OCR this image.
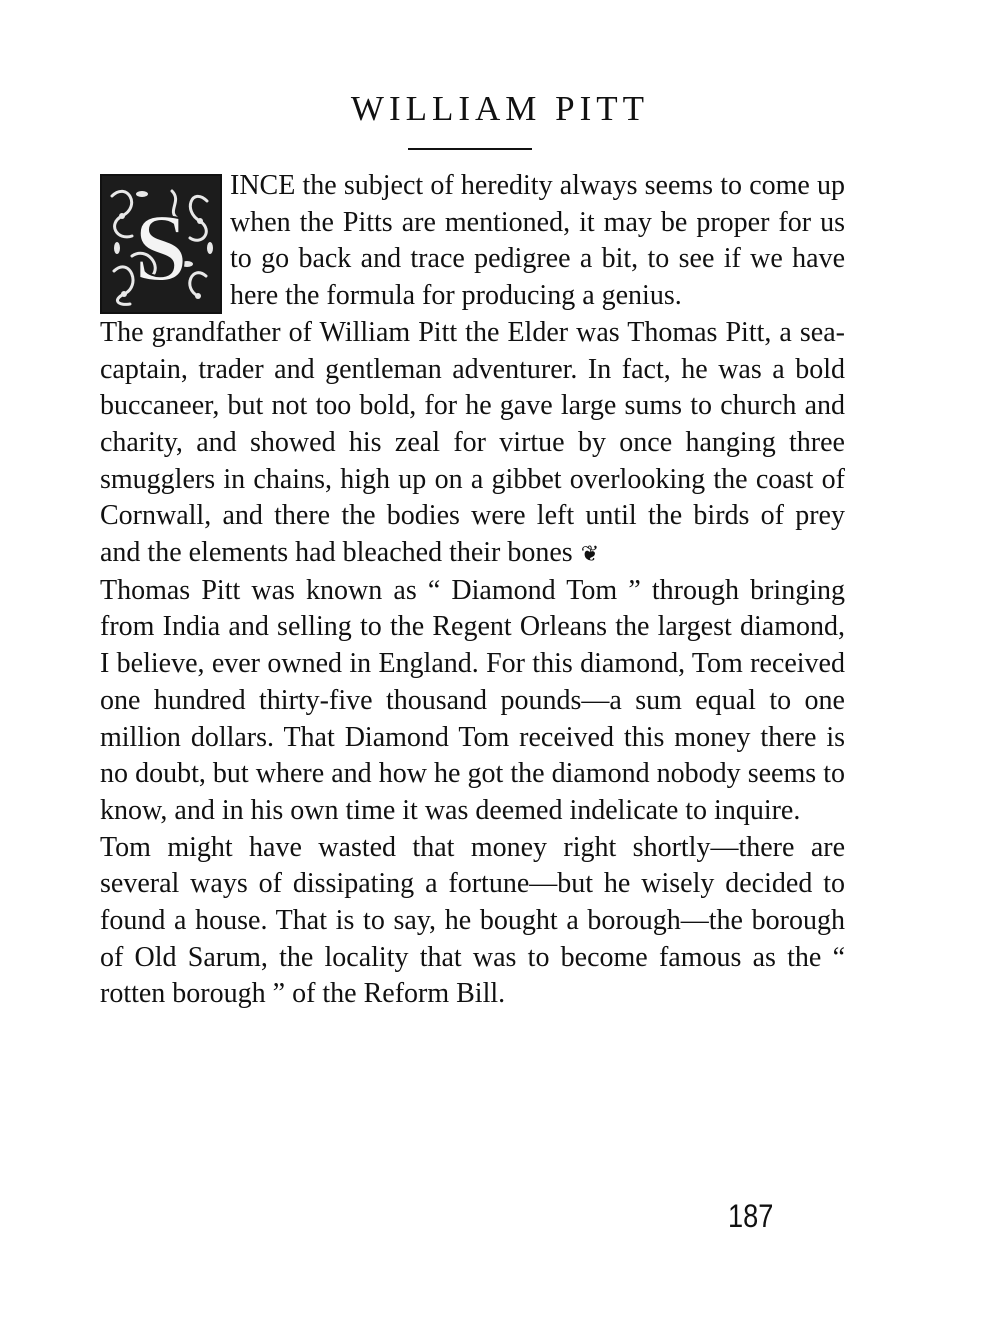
WILLIAM PITT

S
INCE the subject of heredity always seems to come up when the Pitts are mentioned, it may be proper for us to go back and trace pedigree a bit, to see if we have here the formula for producing a genius.

The grandfather of William Pitt the Elder was Thomas Pitt, a sea-captain, trader and gentleman adventurer. In fact, he was a bold buccaneer, but not too bold, for he gave large sums to church and charity, and showed his zeal for virtue by once hanging three smugglers in chains, high up on a gibbet overlooking the coast of Cornwall, and there the bodies were left until the birds of prey and the elements had bleached their bones ❦

Thomas Pitt was known as “ Diamond Tom ” through bringing from India and selling to the Regent Orleans the largest diamond, I believe, ever owned in England. For this diamond, Tom received one hundred thirty-five thousand pounds—a sum equal to one million dollars. That Diamond Tom received this money there is no doubt, but where and how he got the diamond nobody seems to know, and in his own time it was deemed indelicate to inquire.

Tom might have wasted that money right shortly—there are several ways of dissipating a fortune—but he wisely decided to found a house. That is to say, he bought a borough—the borough of Old Sarum, the locality that was to become famous as the “ rotten borough ” of the Reform Bill.

187
